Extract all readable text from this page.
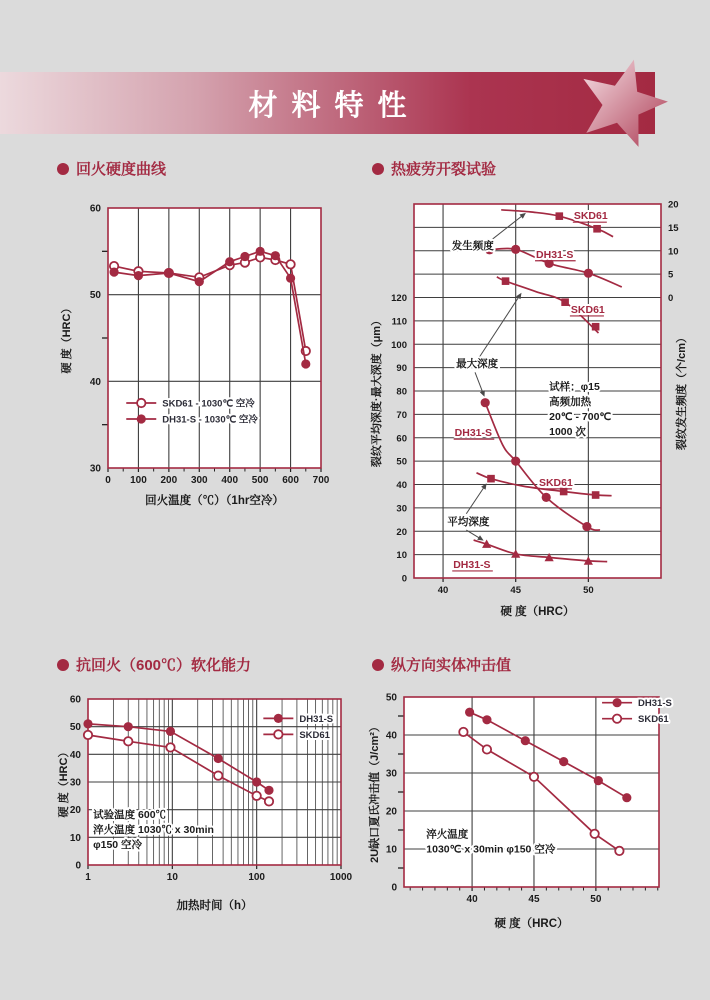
材料特性
回火硬度曲线	热疲劳开裂试验
抗回火（600℃）软化能力	纵方向实体冲击值
0 100 200 300 400 500 600 700
30
40
50
60
回火温度（℃）（1hr空冷）
硬 度（HRC）
SKD61 - 1030℃ 空冷
DH31-S - 1030℃ 空冷
40	45	50
0
10
20
30
40
50
60
70
80
90
100
110
120	0
5
10
15
20
硬 度（HRC）
裂纹平均深度·最大深度（μm）	裂纹发生频度（个/cm）
SKD61
DH31-S
SKD61
DH31-S
SKD61
DH31-S
发生频度
最大深度
平均深度
试样：φ15
高频加热
20℃ - 700℃
1000 次
1	10	100	1000
0
10
20
30
40
50
60
加热时间（h）
硬 度（HRC） 试验温度 600℃
淬火温度 1030℃ x 30min
φ150 空冷
DH31-S
SKD61
40	45	50
0
10
20
30
40
50
硬 度（HRC）
2U缺口夏氏冲击值（J/cm²）	淬火温度
1030℃ x 30min φ150 空冷
DH31-S
SKD61
